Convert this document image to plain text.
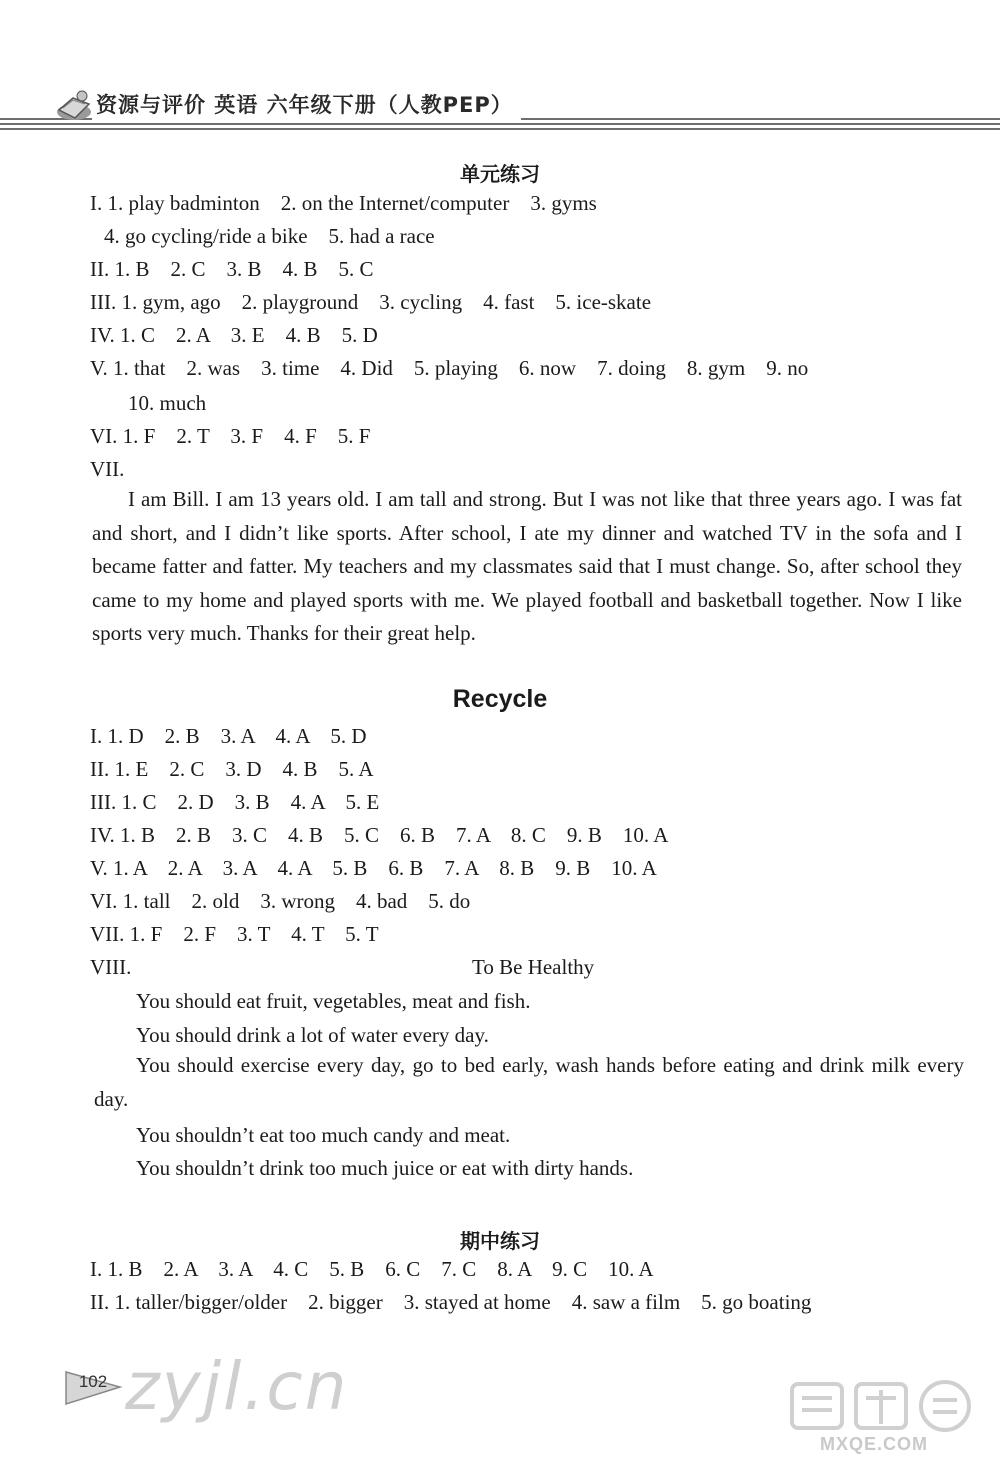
资源与评价 英语 六年级下册（人教PEP）
单元练习
I. 1. play badminton    2. on the Internet/computer    3. gyms
4. go cycling/ride a bike    5. had a race
II. 1. B    2. C    3. B    4. B    5. C
III. 1. gym, ago    2. playground    3. cycling    4. fast    5. ice-skate
IV. 1. C    2. A    3. E    4. B    5. D
V. 1. that    2. was    3. time    4. Did    5. playing    6. now    7. doing    8. gym    9. no
10. much
VI. 1. F    2. T    3. F    4. F    5. F
VII.
I am Bill. I am 13 years old. I am tall and strong. But I was not like that three years ago. I was fat and short, and I didn’t like sports. After school, I ate my dinner and watched TV in the sofa and I became fatter and fatter. My teachers and my classmates said that I must change. So, after school they came to my home and played sports with me. We played football and basketball together. Now I like sports very much. Thanks for their great help.
Recycle
I. 1. D    2. B    3. A    4. A    5. D
II. 1. E    2. C    3. D    4. B    5. A
III. 1. C    2. D    3. B    4. A    5. E
IV. 1. B    2. B    3. C    4. B    5. C    6. B    7. A    8. C    9. B    10. A
V. 1. A    2. A    3. A    4. A    5. B    6. B    7. A    8. B    9. B    10. A
VI. 1. tall    2. old    3. wrong    4. bad    5. do
VII. 1. F    2. F    3. T    4. T    5. T
VIII.	To Be Healthy
You should eat fruit, vegetables, meat and fish.
You should drink a lot of water every day.
You should exercise every day, go to bed early, wash hands before eating and drink milk every day.
You shouldn’t eat too much candy and meat.
You shouldn’t drink too much juice or eat with dirty hands.
期中练习
I. 1. B    2. A    3. A    4. C    5. B    6. C    7. C    8. A    9. C    10. A
II. 1. taller/bigger/older    2. bigger    3. stayed at home    4. saw a film    5. go boating
102 zyjl.cn
MXQE.COM
